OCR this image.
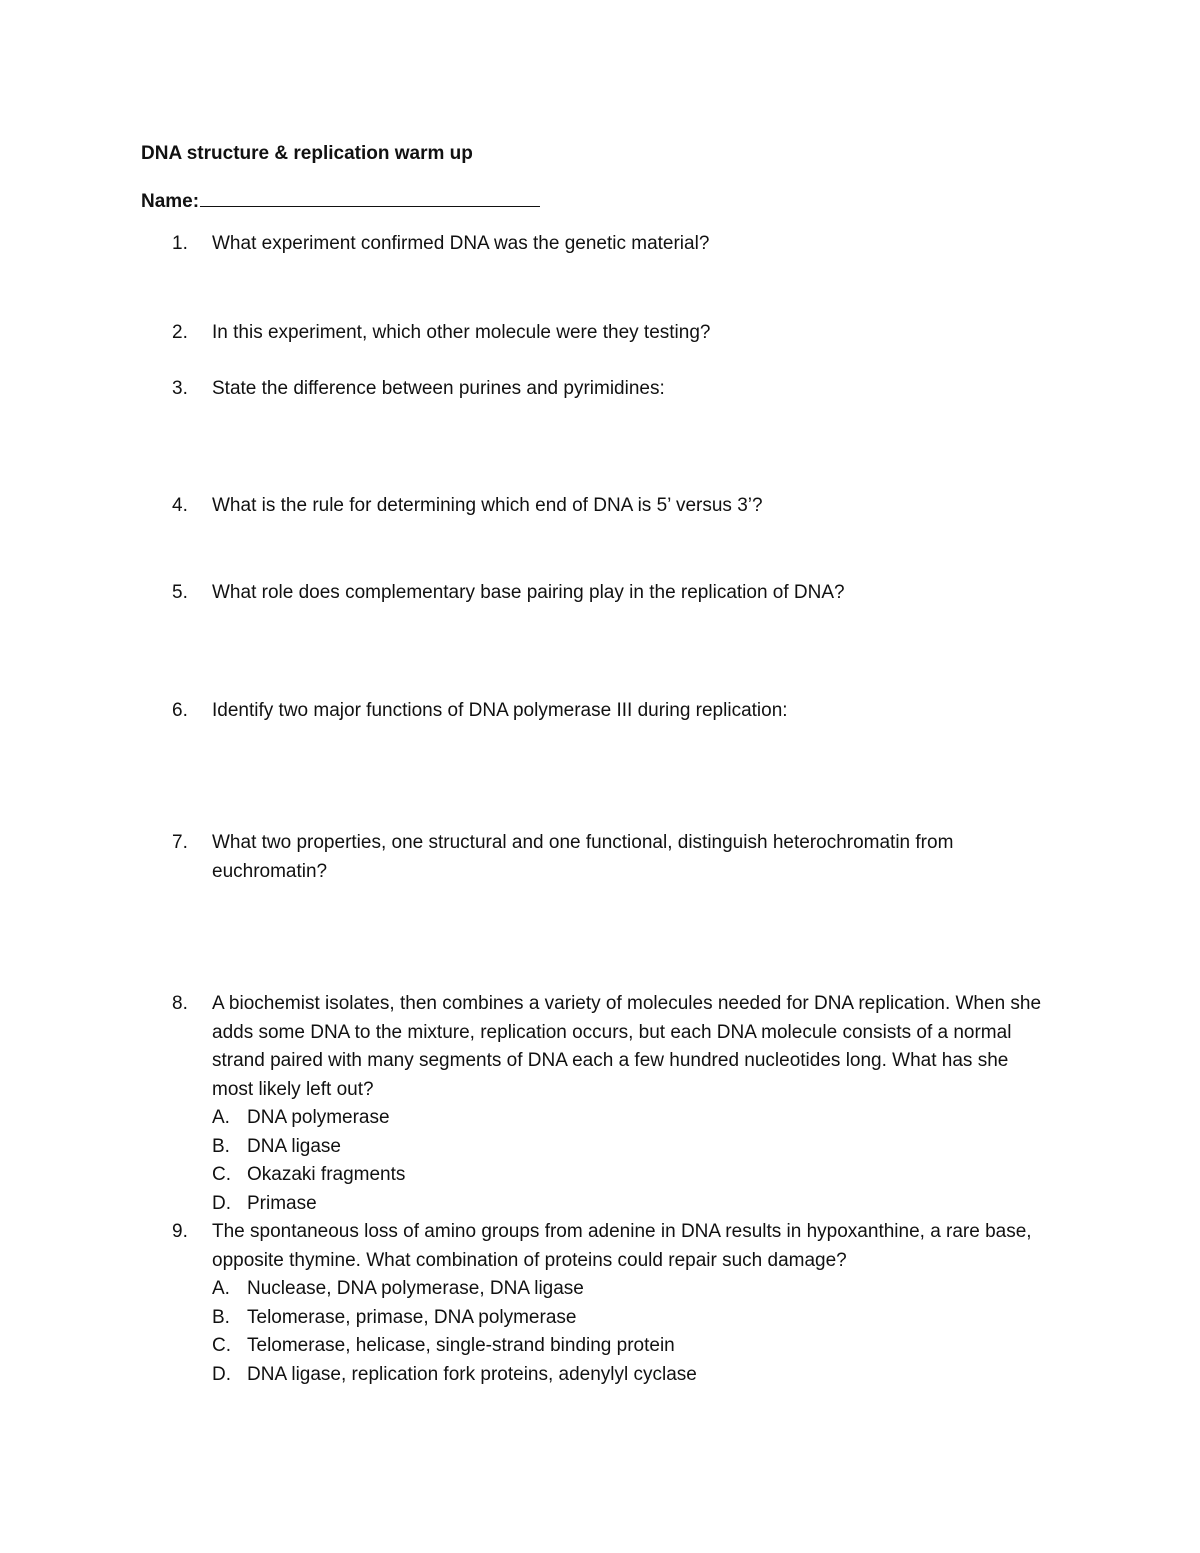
DNA structure & replication warm up
Name:
1.	What experiment confirmed DNA was the genetic material?
2.	In this experiment, which other molecule were they testing?
3.	State the difference between purines and pyrimidines:
4.	What is the rule for determining which end of DNA is 5’ versus 3’?
5.	What role does complementary base pairing play in the replication of DNA?
6.	Identify two major functions of DNA polymerase III during replication:
7.	What two properties, one structural and one functional, distinguish heterochromatin from euchromatin?
8.	A biochemist isolates, then combines a variety of molecules needed for DNA replication. When she adds some DNA to the mixture, replication occurs, but each DNA molecule consists of a normal strand paired with many segments of DNA each a few hundred nucleotides long. What has she most likely left out?
A. DNA polymerase
B. DNA ligase
C. Okazaki fragments
D. Primase
9.	The spontaneous loss of amino groups from adenine in DNA results in hypoxanthine, a rare base, opposite thymine. What combination of proteins could repair such damage?
A. Nuclease, DNA polymerase, DNA ligase
B. Telomerase, primase, DNA polymerase
C. Telomerase, helicase, single-strand binding protein
D. DNA ligase, replication fork proteins, adenylyl cyclase
